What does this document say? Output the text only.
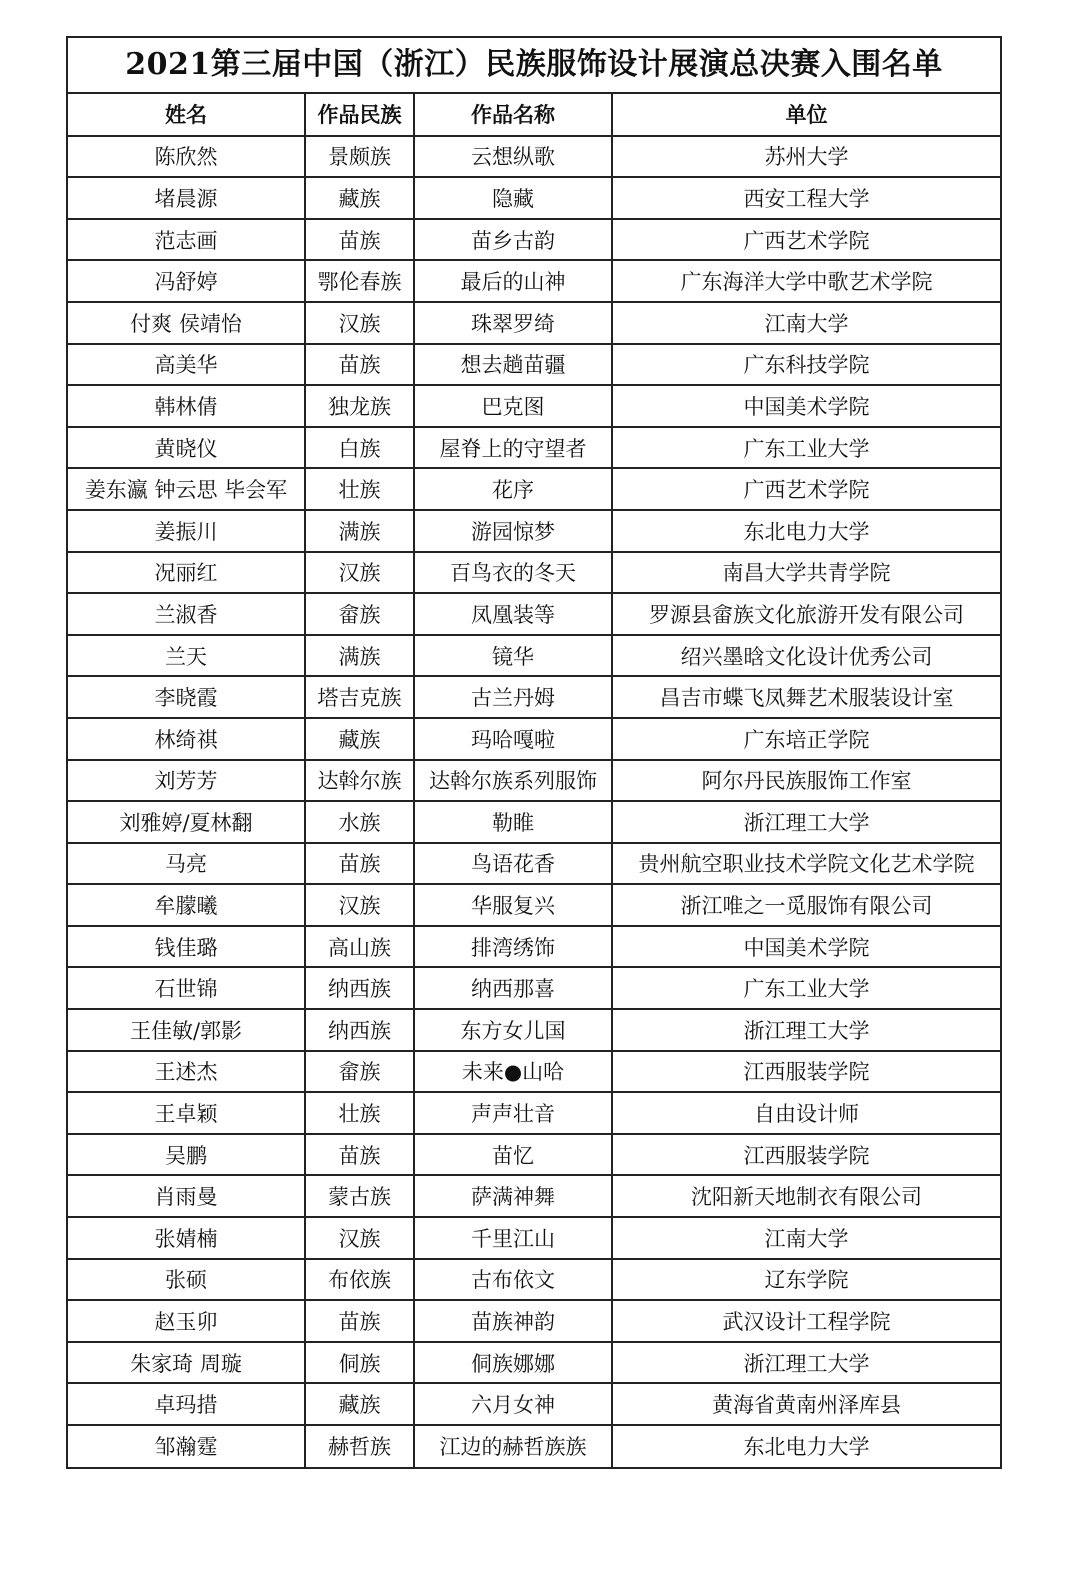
2021第三届中国（浙江）民族服饰设计展演总决赛入围名单
姓名	作品民族	作品名称	单位
陈欣然	景颇族	云想纵歌	苏州大学
堵晨源	藏族	隐藏	西安工程大学
范志画	苗族	苗乡古韵	广西艺术学院
冯舒婷	鄂伦春族	最后的山神	广东海洋大学中歌艺术学院
付爽 侯靖怡	汉族	珠翠罗绮	江南大学
高美华	苗族	想去趟苗疆	广东科技学院
韩林倩	独龙族	巴克图	中国美术学院
黄晓仪	白族	屋脊上的守望者	广东工业大学
姜东瀛 钟云思 毕会军	壮族	花序	广西艺术学院
姜振川	满族	游园惊梦	东北电力大学
况丽红	汉族	百鸟衣的冬天	南昌大学共青学院
兰淑香	畲族	凤凰装等	罗源县畲族文化旅游开发有限公司
兰天	满族	镜华	绍兴墨晗文化设计优秀公司
李晓霞	塔吉克族	古兰丹姆	昌吉市蝶飞凤舞艺术服装设计室
林绮祺	藏族	玛哈嘎啦	广东培正学院
刘芳芳	达斡尔族	达斡尔族系列服饰	阿尔丹民族服饰工作室
刘雅婷/夏林翻	水族	勒睢	浙江理工大学
马亮	苗族	鸟语花香	贵州航空职业技术学院文化艺术学院
牟朦曦	汉族	华服复兴	浙江唯之一觅服饰有限公司
钱佳璐	高山族	排湾绣饰	中国美术学院
石世锦	纳西族	纳西那喜	广东工业大学
王佳敏/郭影	纳西族	东方女儿国	浙江理工大学
王述杰	畲族	未来●山哈	江西服装学院
王卓颖	壮族	声声壮音	自由设计师
吴鹏	苗族	苗忆	江西服装学院
肖雨曼	蒙古族	萨满神舞	沈阳新天地制衣有限公司
张婧楠	汉族	千里江山	江南大学
张硕	布依族	古布依文	辽东学院
赵玉卯	苗族	苗族神韵	武汉设计工程学院
朱家琦 周璇	侗族	侗族娜娜	浙江理工大学
卓玛措	藏族	六月女神	黄海省黄南州泽库县
邹瀚霆	赫哲族	江边的赫哲族族	东北电力大学
